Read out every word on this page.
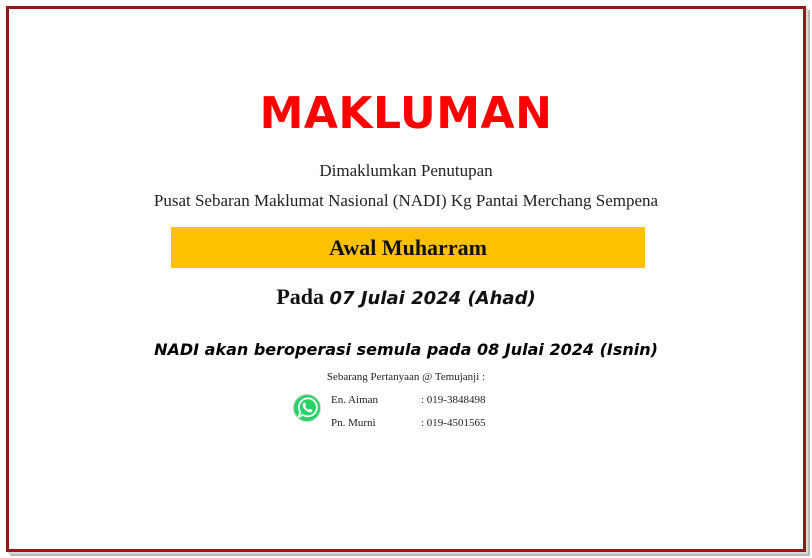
MAKLUMAN
Dimaklumkan Penutupan
Pusat Sebaran Maklumat Nasional (NADI) Kg Pantai Merchang Sempena
Awal Muharram
Pada 07 Julai 2024 (Ahad)
NADI akan beroperasi semula pada 08 Julai 2024 (Isnin)
Sebarang Pertanyaan @ Temujanji :
En. Aiman	: 019-3848498
Pn. Murni	: 019-4501565
